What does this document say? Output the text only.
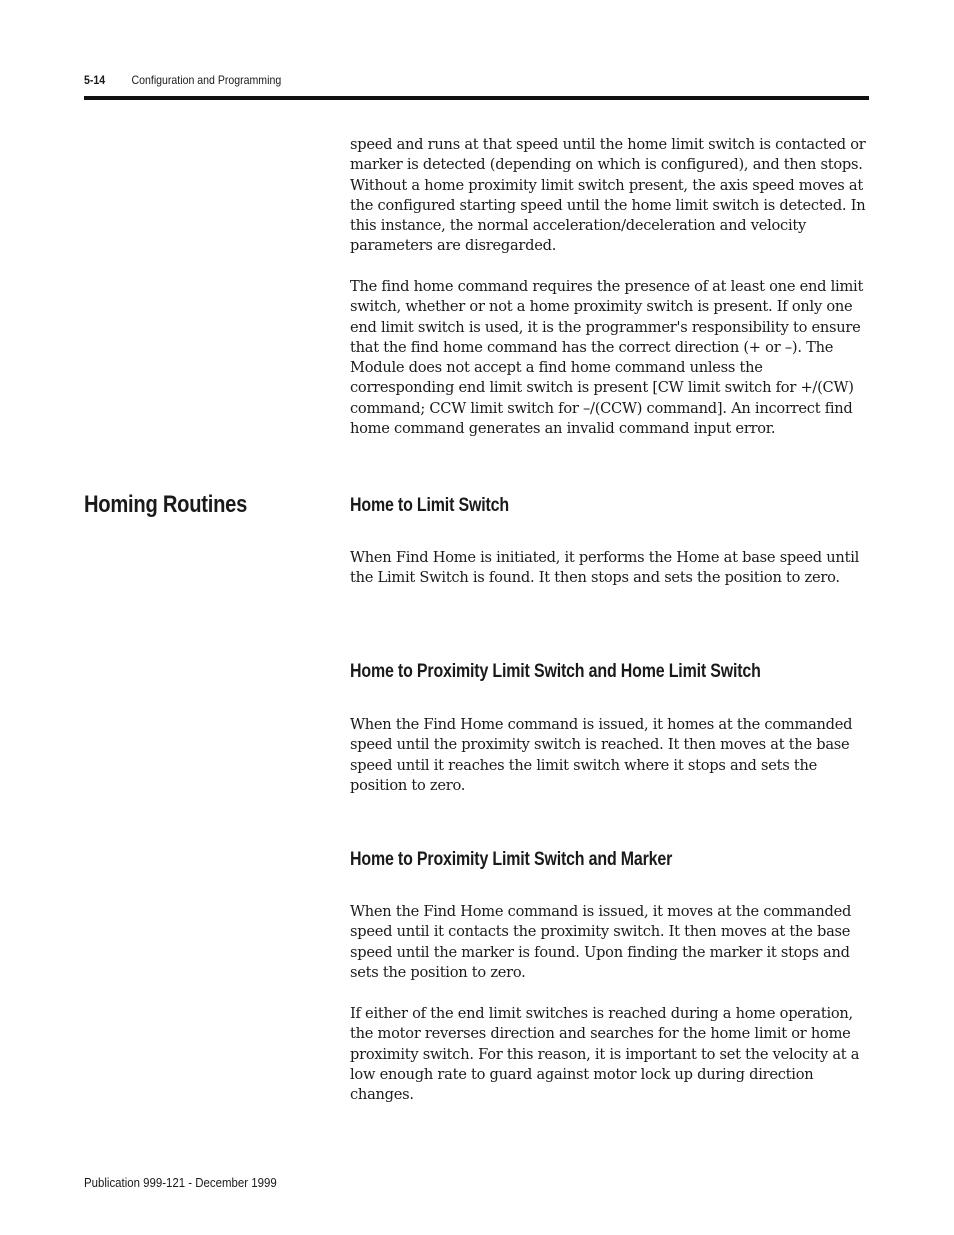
5-14 Configuration and Programming

speed and runs at that speed until the home limit switch is contacted or marker is detected (depending on which is configured), and then stops. Without a home proximity limit switch present, the axis speed moves at the configured starting speed until the home limit switch is detected. In this instance, the normal acceleration/deceleration and velocity parameters are disregarded.

The find home command requires the presence of at least one end limit switch, whether or not a home proximity switch is present. If only one end limit switch is used, it is the programmer's responsibility to ensure that the find home command has the correct direction (+ or –). The Module does not accept a find home command unless the corresponding end limit switch is present [CW limit switch for +/(CW) command; CCW limit switch for –/(CCW) command]. An incorrect find home command generates an invalid command input error.

Homing Routines	Home to Limit Switch

When Find Home is initiated, it performs the Home at base speed until the Limit Switch is found. It then stops and sets the position to zero.

Home to Proximity Limit Switch and Home Limit Switch

When the Find Home command is issued, it homes at the commanded speed until the proximity switch is reached. It then moves at the base speed until it reaches the limit switch where it stops and sets the position to zero.

Home to Proximity Limit Switch and Marker

When the Find Home command is issued, it moves at the commanded speed until it contacts the proximity switch. It then moves at the base speed until the marker is found. Upon finding the marker it stops and sets the position to zero.

If either of the end limit switches is reached during a home operation, the motor reverses direction and searches for the home limit or home proximity switch. For this reason, it is important to set the velocity at a low enough rate to guard against motor lock up during direction changes.

Publication 999-121 - December 1999
